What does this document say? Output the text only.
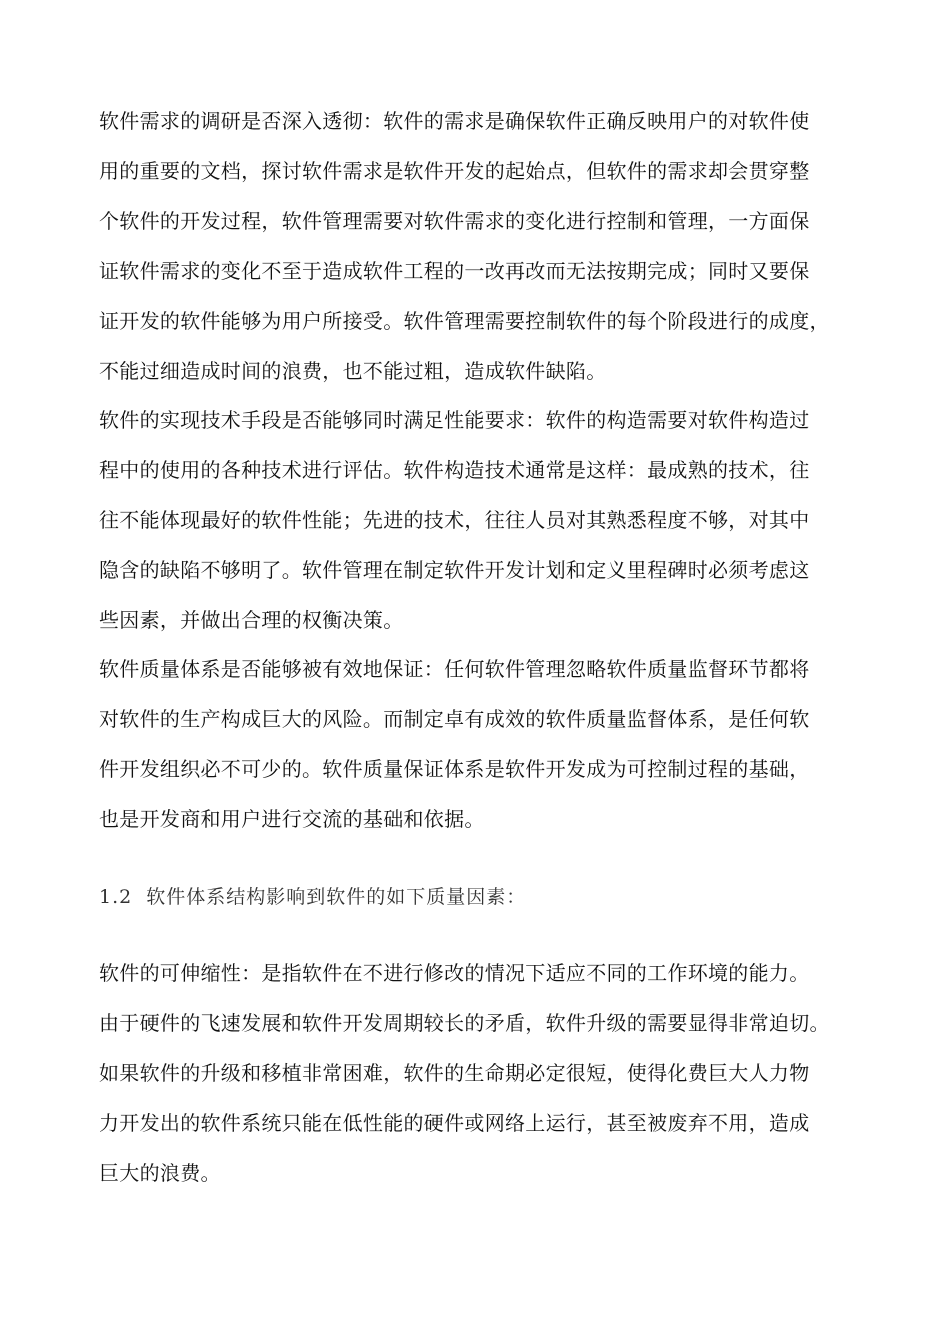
软件需求的调研是否深入透彻：软件的需求是确保软件正确反映用户的对软件使
用的重要的文档，探讨软件需求是软件开发的起始点，但软件的需求却会贯穿整
个软件的开发过程，软件管理需要对软件需求的变化进行控制和管理，一方面保
证软件需求的变化不至于造成软件工程的一改再改而无法按期完成；同时又要保
证开发的软件能够为用户所接受。软件管理需要控制软件的每个阶段进行的成度，
不能过细造成时间的浪费，也不能过粗，造成软件缺陷。
软件的实现技术手段是否能够同时满足性能要求：软件的构造需要对软件构造过
程中的使用的各种技术进行评估。软件构造技术通常是这样：最成熟的技术，往
往不能体现最好的软件性能；先进的技术，往往人员对其熟悉程度不够，对其中
隐含的缺陷不够明了。软件管理在制定软件开发计划和定义里程碑时必须考虑这
些因素，并做出合理的权衡决策。
软件质量体系是否能够被有效地保证：任何软件管理忽略软件质量监督环节都将
对软件的生产构成巨大的风险。而制定卓有成效的软件质量监督体系，是任何软
件开发组织必不可少的。软件质量保证体系是软件开发成为可控制过程的基础，
也是开发商和用户进行交流的基础和依据。
1.2 软件体系结构影响到软件的如下质量因素：
软件的可伸缩性：是指软件在不进行修改的情况下适应不同的工作环境的能力。
由于硬件的飞速发展和软件开发周期较长的矛盾，软件升级的需要显得非常迫切。
如果软件的升级和移植非常困难，软件的生命期必定很短，使得化费巨大人力物
力开发出的软件系统只能在低性能的硬件或网络上运行，甚至被废弃不用，造成
巨大的浪费。
